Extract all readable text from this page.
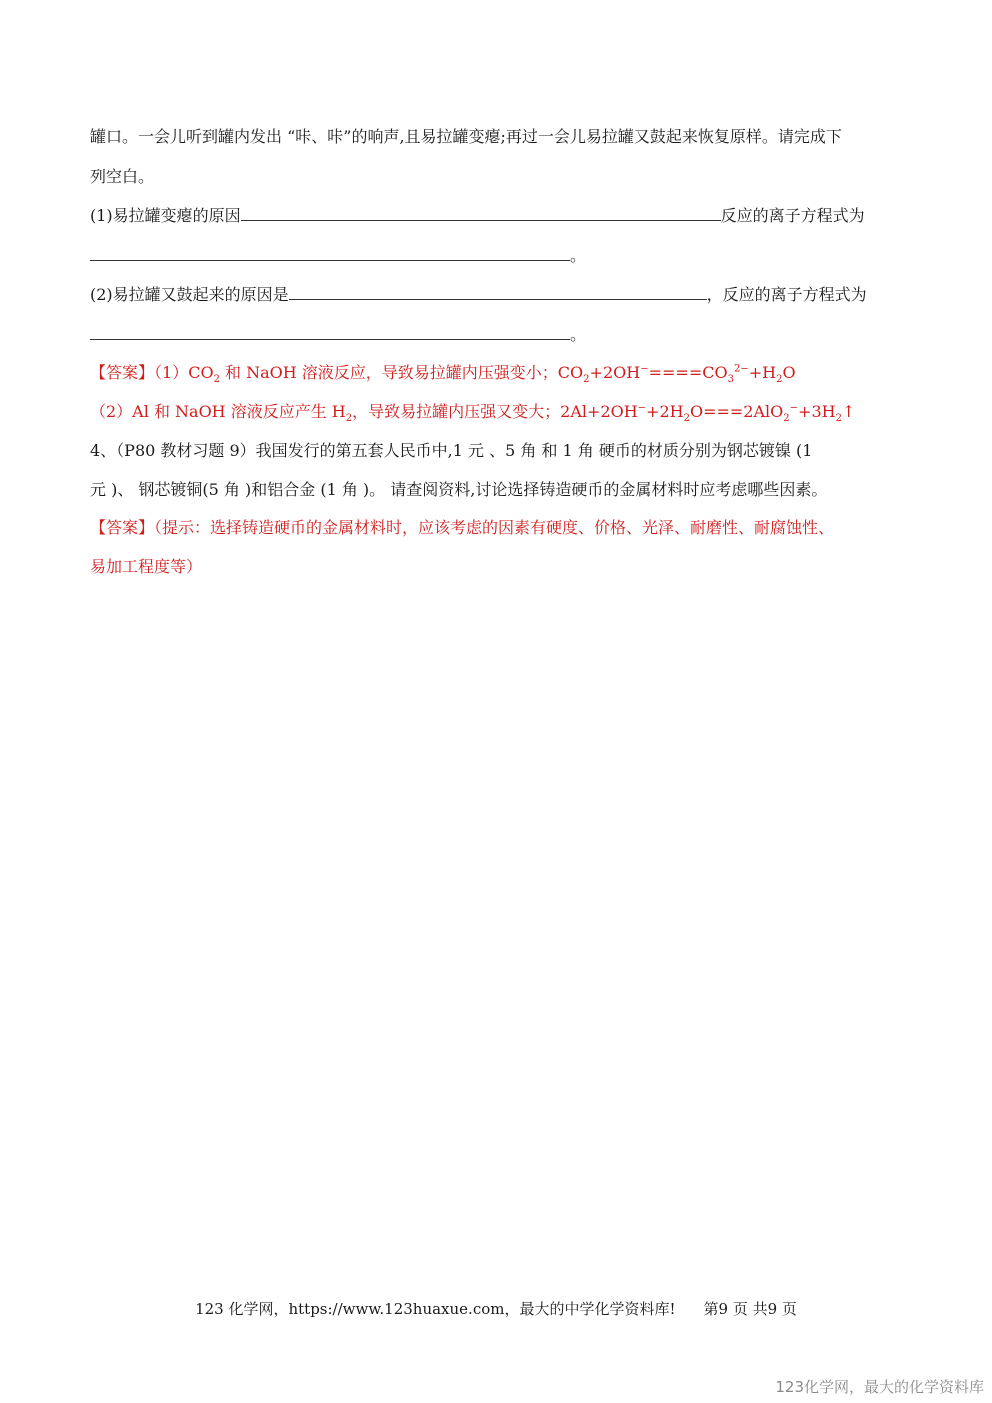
罐口。一会儿听到罐内发出 “咔、咔”的响声,且易拉罐变瘪;再过一会儿易拉罐又鼓起来恢复原样。请完成下
列空白。
(1)易拉罐变瘪的原因	反应的离子方程式为
。
(2)易拉罐又鼓起来的原因是	，反应的离子方程式为
。
【答案】$(1)CO_2$ 和 NaOH 溶液反应，导致易拉罐内压强变小；$CO_2+2OH^-====CO_3^{2-}+H_2O$
（2）Al 和 NaOH 溶液反应产生 $H_2$，导致易拉罐内压强又变大；$2Al+2OH^-+2H_2O===2AlO_2^-+3H_2↑$
4、（P80 教材习题 9）我国发行的第五套人民币中,1 元 、5 角 和 1 角 硬币的材质分别为钢芯镀镍 (1
元 )、 钢芯镀铜(5 角 )和铝合金 (1 角 )。 请查阅资料,讨论选择铸造硬币的金属材料时应考虑哪些因素。
【答案】（提示：选择铸造硬币的金属材料时，应该考虑的因素有硬度、价格、光泽、耐磨性、耐腐蚀性、
易加工程度等）
123 化学网，https://www.123huaxue.com，最大的中学化学资料库! 第9 页 共9 页
123化学网，最大的化学资料库
